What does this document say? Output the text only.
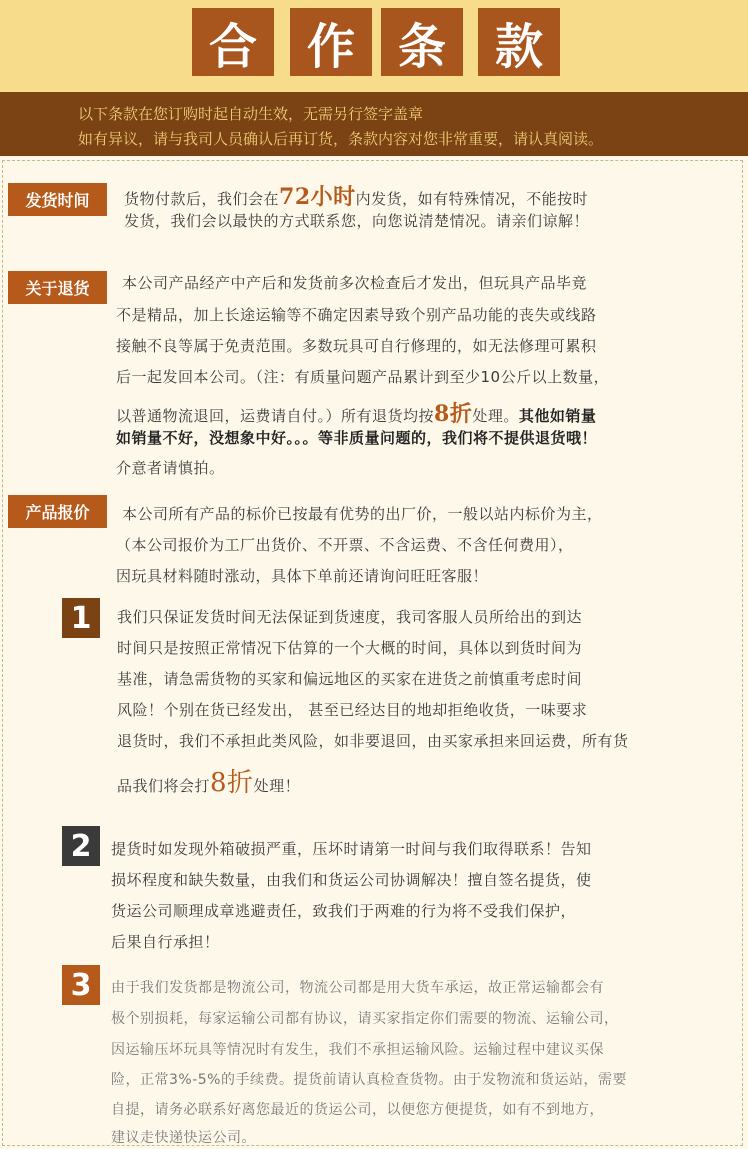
合	作 条	款
以下条款在您订购时起自动生效，无需另行签字盖章
如有异议，请与我司人员确认后再订货，条款内容对您非常重要，请认真阅读。
发货时间	货物付款后，我们会在72小时内发货，如有特殊情况，不能按时
发货，我们会以最快的方式联系您，向您说清楚情况。请亲们谅解！
关于退货	本公司产品经产中产后和发货前多次检查后才发出，但玩具产品毕竟
不是精品，加上长途运输等不确定因素导致个别产品功能的丧失或线路
接触不良等属于免责范围。多数玩具可自行修理的，如无法修理可累积
后一起发回本公司。（注：有质量问题产品累计到至少10公斤以上数量，
以普通物流退回，运费请自付。）所有退货均按8折处理。其他如销量
如销量不好，没想象中好。。。等非质量问题的，我们将不提供退货哦！
介意者请慎拍。
产品报价	本公司所有产品的标价已按最有优势的出厂价，一般以站内标价为主，
（本公司报价为工厂出货价、不开票、不含运费、不含任何费用），
因玩具材料随时涨动，具体下单前还请询问旺旺客服！
1	我们只保证发货时间无法保证到货速度，我司客服人员所给出的到达
时间只是按照正常情况下估算的一个大概的时间，具体以到货时间为
基准，请急需货物的买家和偏远地区的买家在进货之前慎重考虑时间
风险！个别在货已经发出， 甚至已经达目的地却拒绝收货，一味要求
退货时，我们不承担此类风险，如非要退回，由买家承担来回运费，所有货
品我们将会打8折处理！
2	提货时如发现外箱破损严重，压坏时请第一时间与我们取得联系！告知
损坏程度和缺失数量，由我们和货运公司协调解决！擅自签名提货，使
货运公司顺理成章逃避责任，致我们于两难的行为将不受我们保护，
后果自行承担！
3	由于我们发货都是物流公司，物流公司都是用大货车承运，故正常运输都会有
极个别损耗，每家运输公司都有协议，请买家指定你们需要的物流、运输公司，
因运输压坏玩具等情况时有发生，我们不承担运输风险。运输过程中建议买保
险，正常3%-5%的手续费。提货前请认真检查货物。由于发物流和货运站，需要
自提，请务必联系好离您最近的货运公司，以便您方便提货，如有不到地方，
建议走快递快运公司。
